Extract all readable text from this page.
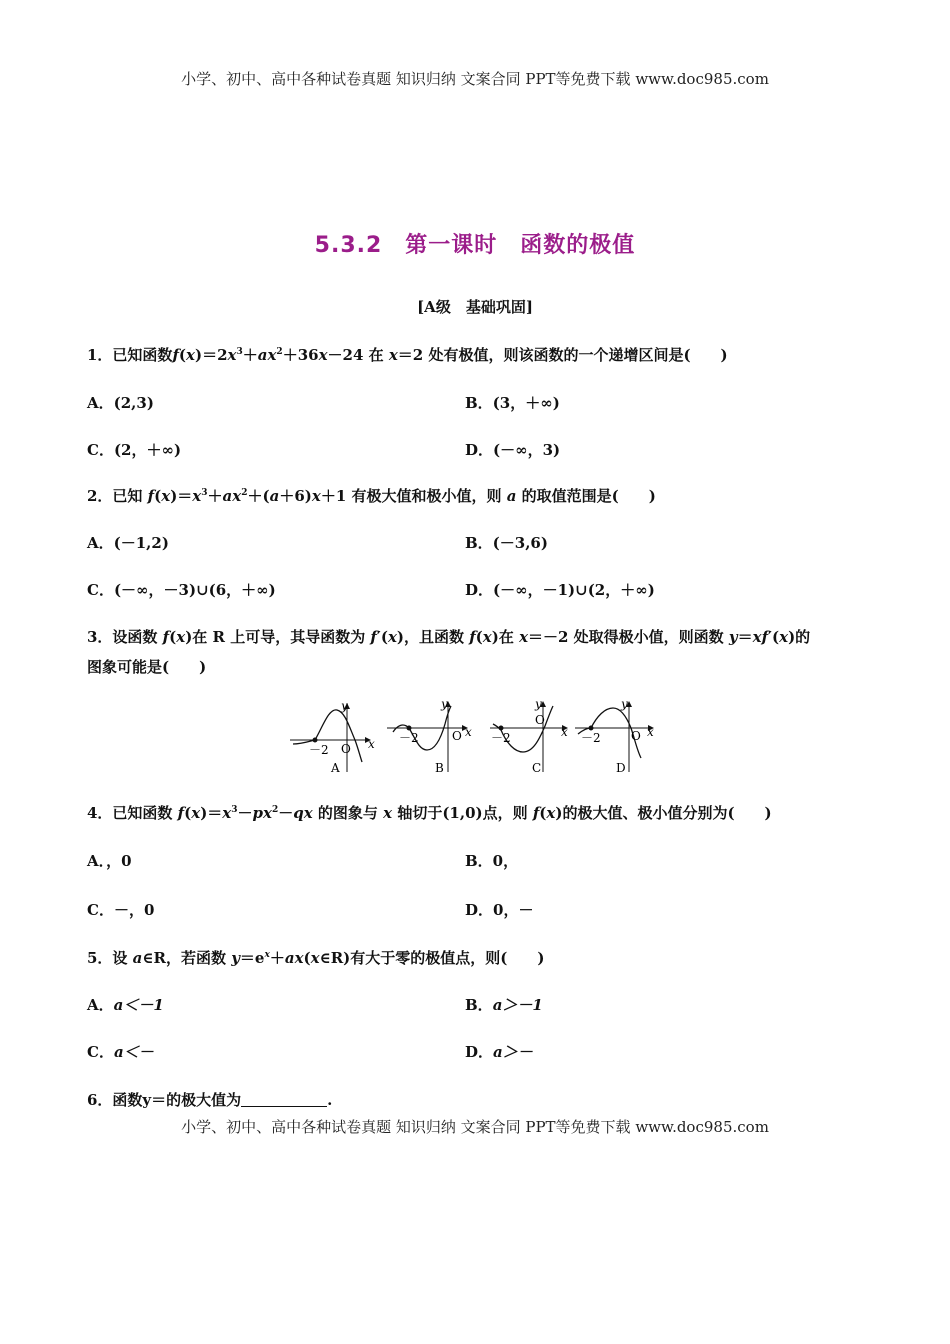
小学、初中、高中各种试卷真题 知识归纳 文案合同 PPT等免费下载 www.doc985.com
5.3.2　第一课时　函数的极值
[A级　基础巩固]
1．已知函数$f(x)=2x^3+ax^2+36x-24$ 在 x＝2 处有极值，则该函数的一个递增区间是(　　)
A．(2,3)	B．(3，＋∞)
C．(2，＋∞)	D．(－∞，3)
2．已知 $f(x)=x^3+ax^2+(a+6)x+1$ 有极大值和极小值，则 a 的取值范围是(　　)
A．(－1,2)	B．(－3,6)
C．(－∞，－3)∪(6，＋∞)	D．(－∞，－1)∪(2，＋∞)
3．设函数 f(x)在 R 上可导，其导函数为 f′(x)，且函数 f(x)在 x＝－2 处取得极小值，则函数 y＝xf′(x)的
图象可能是(　　)
－2 O x
y
A
－2	O x
y
B
－2
O
x
y
C
－2	O x
y
D
4．已知函数 $f(x)=x^3-px^2-qx$ 的图象与 x 轴切于(1,0)点，则 f(x)的极大值、极小值分别为(　　)
A．，0	B．0，
C．－，0	D．0，－
5．设 a∈R，若函数 $y=e^x+ax(x\in R)$有大于零的极值点，则(　　)
A．a＜－1	B．a＞－1
C．a＜－	D．a＞－
6．函数y＝的极大值为	.
小学、初中、高中各种试卷真题 知识归纳 文案合同 PPT等免费下载 www.doc985.com
